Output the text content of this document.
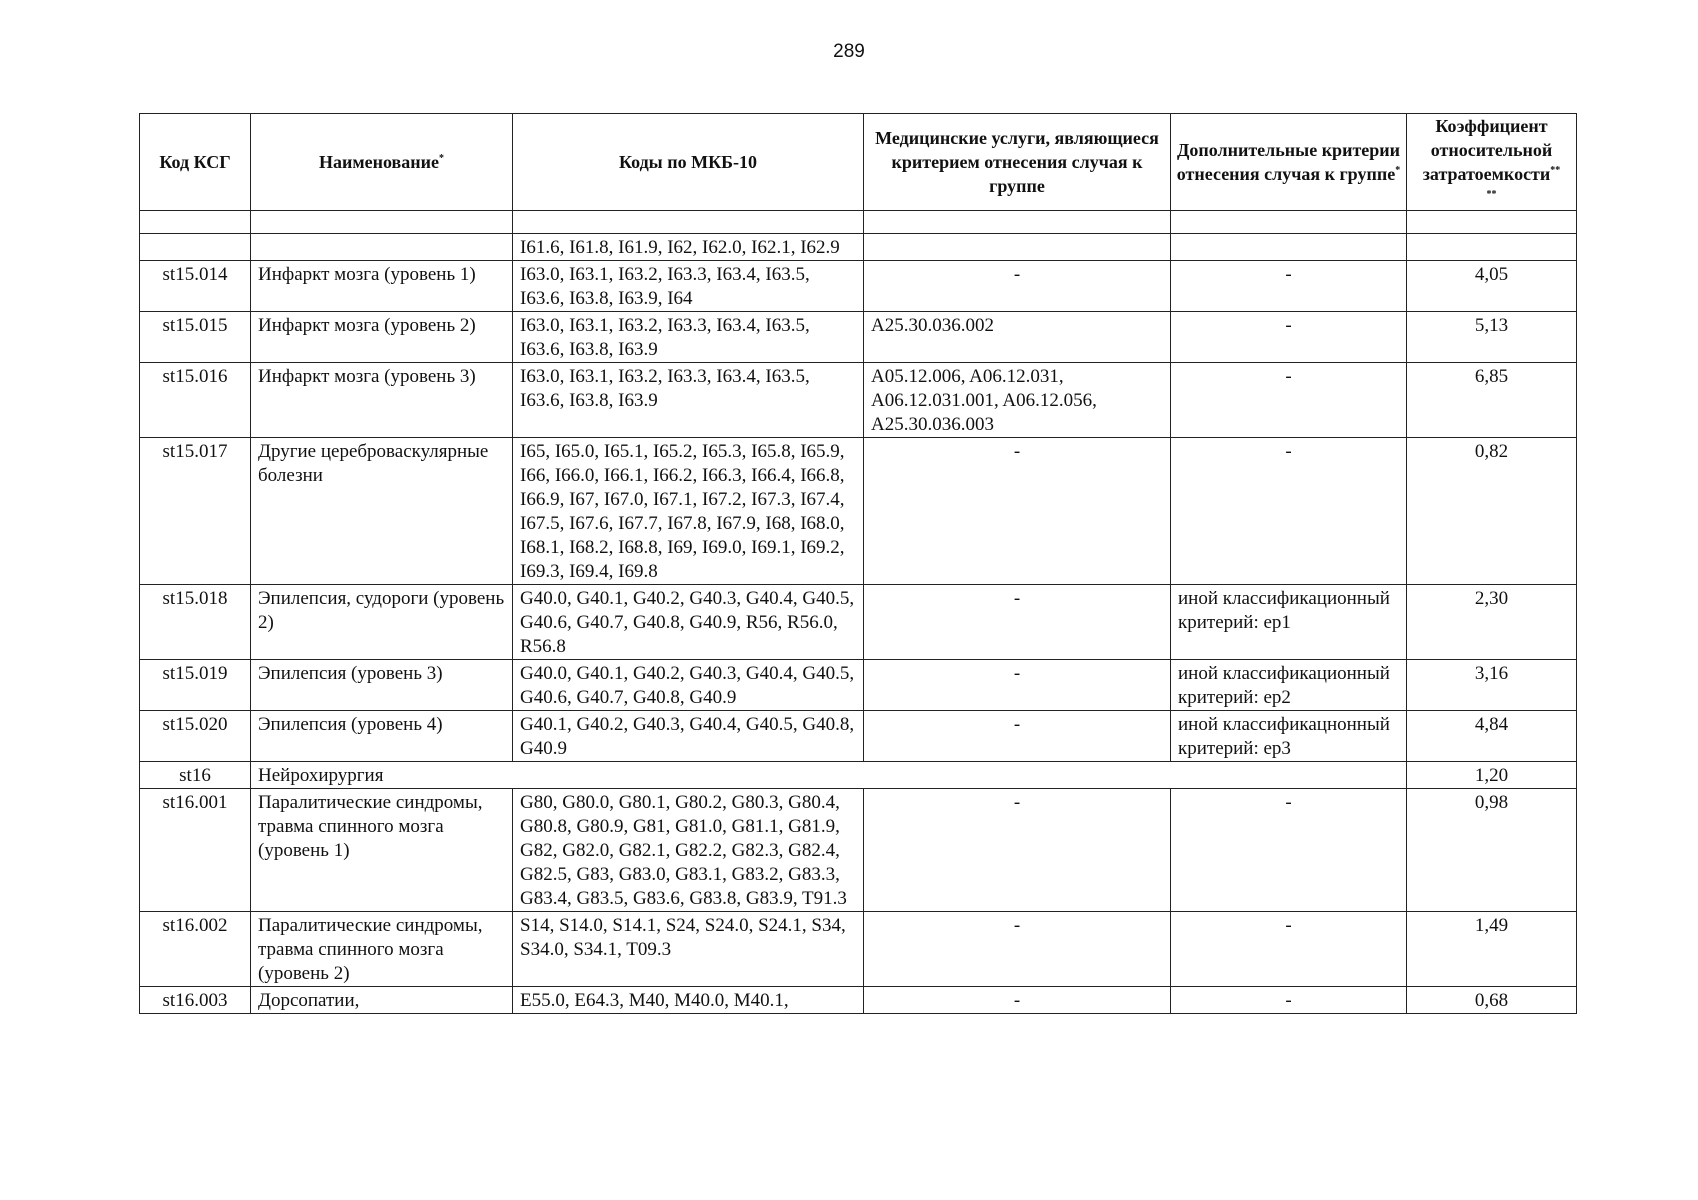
289
Код КСГ	Наименование*	Коды по МКБ-10	Медицинские услуги, являющиеся критерием отнесения случая к группе	Дополнительные критерии отнесения случая к группе*	Коэффициент относительной затратоемкости**
**

		I61.6, I61.8, I61.9, I62, I62.0, I62.1, I62.9			
st15.014	Инфаркт мозга (уровень 1)	I63.0, I63.1, I63.2, I63.3, I63.4, I63.5, I63.6, I63.8, I63.9, I64	-	-	4,05
st15.015	Инфаркт мозга (уровень 2)	I63.0, I63.1, I63.2, I63.3, I63.4, I63.5, I63.6, I63.8, I63.9	A25.30.036.002	-	5,13
st15.016	Инфаркт мозга (уровень 3)	I63.0, I63.1, I63.2, I63.3, I63.4, I63.5, I63.6, I63.8, I63.9	A05.12.006, A06.12.031, A06.12.031.001, A06.12.056, A25.30.036.003	-	6,85
st15.017	Другие цереброваскулярные болезни	I65, I65.0, I65.1, I65.2, I65.3, I65.8, I65.9, I66, I66.0, I66.1, I66.2, I66.3, I66.4, I66.8, I66.9, I67, I67.0, I67.1, I67.2, I67.3, I67.4, I67.5, I67.6, I67.7, I67.8, I67.9, I68, I68.0, I68.1, I68.2, I68.8, I69, I69.0, I69.1, I69.2, I69.3, I69.4, I69.8	-	-	0,82
st15.018	Эпилепсия, судороги (уровень 2)	G40.0, G40.1, G40.2, G40.3, G40.4, G40.5, G40.6, G40.7, G40.8, G40.9, R56, R56.0, R56.8	-	иной классификационный критерий: ep1	2,30
st15.019	Эпилепсия (уровень 3)	G40.0, G40.1, G40.2, G40.3, G40.4, G40.5, G40.6, G40.7, G40.8, G40.9	-	иной классификационный критерий: ep2	3,16
st15.020	Эпилепсия (уровень 4)	G40.1, G40.2, G40.3, G40.4, G40.5, G40.8, G40.9	-	иной классификацнонный критерий: ep3	4,84
st16	Нейрохирургия				1,20
st16.001	Паралитические синдромы, травма спинного мозга (уровень 1)	G80, G80.0, G80.1, G80.2, G80.3, G80.4, G80.8, G80.9, G81, G81.0, G81.1, G81.9, G82, G82.0, G82.1, G82.2, G82.3, G82.4, G82.5, G83, G83.0, G83.1, G83.2, G83.3, G83.4, G83.5, G83.6, G83.8, G83.9, T91.3	-	-	0,98
st16.002	Паралитические синдромы, травма спинного мозга (уровень 2)	S14, S14.0, S14.1, S24, S24.0, S24.1, S34, S34.0, S34.1, T09.3	-	-	1,49
st16.003	Дорсопатии,	E55.0, E64.3, M40, M40.0, M40.1,	-	-	0,68
